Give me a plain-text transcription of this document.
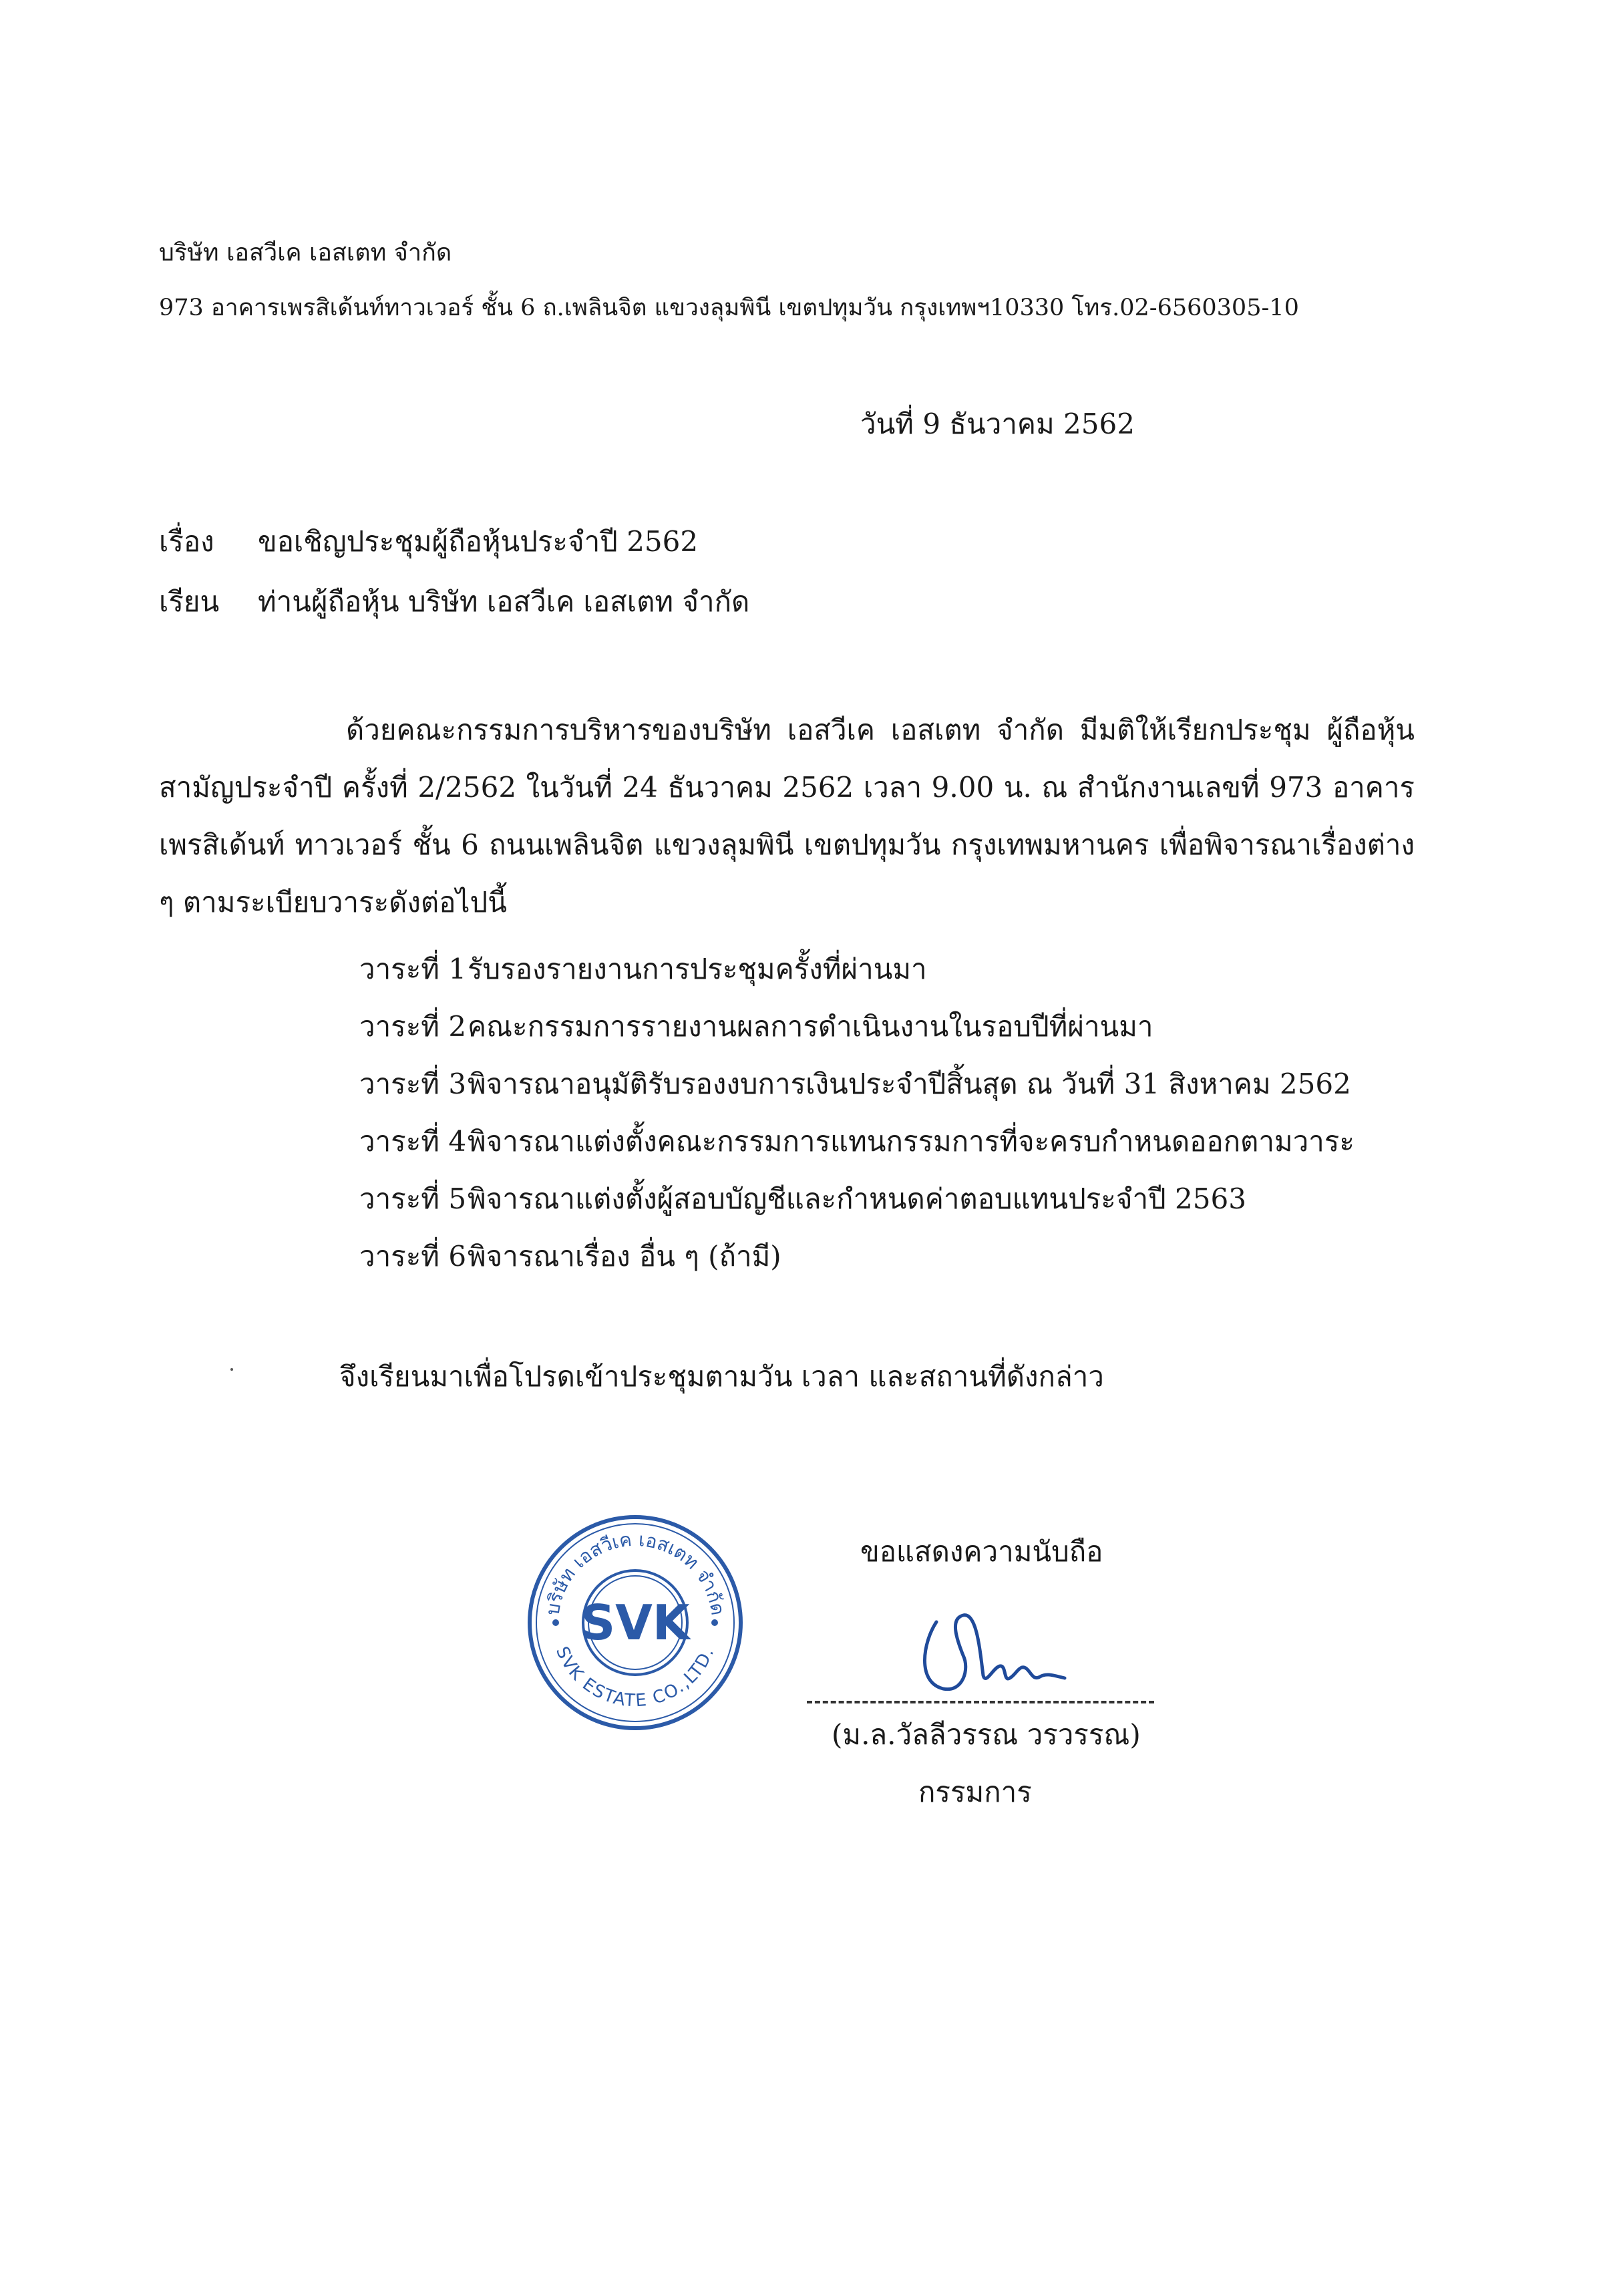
บริษัท เอสวีเค เอสเตท จำกัด
973 อาคารเพรสิเด้นท์ทาวเวอร์ ชั้น 6 ถ.เพลินจิต แขวงลุมพินี เขตปทุมวัน กรุงเทพฯ10330 โทร.02-6560305-10
วันที่ 9 ธันวาคม 2562
เรื่อง ขอเชิญประชุมผู้ถือหุ้นประจำปี 2562
เรียน ท่านผู้ถือหุ้น บริษัท เอสวีเค เอสเตท จำกัด

ด้วยคณะกรรมการบริหารของบริษัท เอสวีเค เอสเตท จำกัด มีมติให้เรียกประชุม ผู้ถือหุ้นสามัญประจำปี ครั้งที่ 2/2562 ในวันที่ 24 ธันวาคม 2562 เวลา 9.00 น. ณ สำนักงานเลขที่ 973 อาคารเพรสิเด้นท์ ทาวเวอร์ ชั้น 6 ถนนเพลินจิต แขวงลุมพินี เขตปทุมวัน กรุงเทพมหานคร เพื่อพิจารณาเรื่องต่าง ๆ ตามระเบียบวาระดังต่อไปนี้

วาระที่ 1รับรองรายงานการประชุมครั้งที่ผ่านมา
วาระที่ 2คณะกรรมการรายงานผลการดำเนินงานในรอบปีที่ผ่านมา
วาระที่ 3พิจารณาอนุมัติรับรองงบการเงินประจำปีสิ้นสุด ณ วันที่ 31 สิงหาคม 2562
วาระที่ 4พิจารณาแต่งตั้งคณะกรรมการแทนกรรมการที่จะครบกำหนดออกตามวาระ
วาระที่ 5พิจารณาแต่งตั้งผู้สอบบัญชีและกำหนดค่าตอบแทนประจำปี 2563
วาระที่ 6พิจารณาเรื่อง อื่น ๆ (ถ้ามี)
จึงเรียนมาเพื่อโปรดเข้าประชุมตามวัน เวลา และสถานที่ดังกล่าว
ขอแสดงความนับถือ
บริษัท เอสวีเค เอสเตท จำกัด
SVK ESTATE CO.,LTD.
SVK
(ม.ล.วัลลีวรรณ วรวรรณ)
กรรมการ
